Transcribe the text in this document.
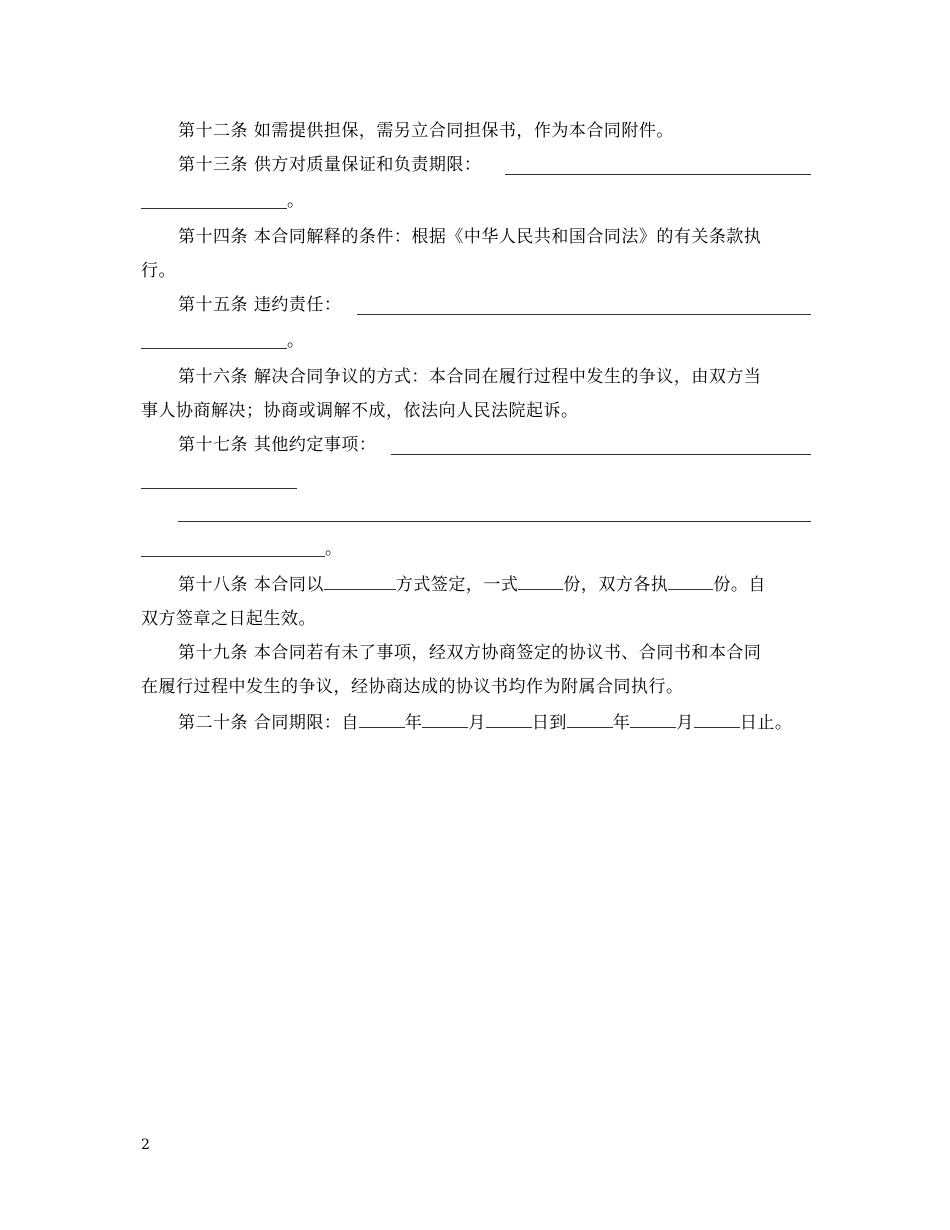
第十二条 如需提供担保，需另立合同担保书，作为本合同附件。
第十三条 供方对质量保证和负责期限：
。
第十四条 本合同解释的条件：根据《中华人民共和国合同法》的有关条款执
行。
第十五条 违约责任：
。
第十六条 解决合同争议的方式：本合同在履行过程中发生的争议，由双方当
事人协商解决；协商或调解不成，依法向人民法院起诉。
第十七条 其他约定事项：
。
第十八条 本合同以	方式签定，一式	份，双方各执	份。自
双方签章之日起生效。
第十九条 本合同若有未了事项，经双方协商签定的协议书、合同书和本合同
在履行过程中发生的争议，经协商达成的协议书均作为附属合同执行。
第二十条 合同期限：自	年	月	日到	年	月	日止。
2
